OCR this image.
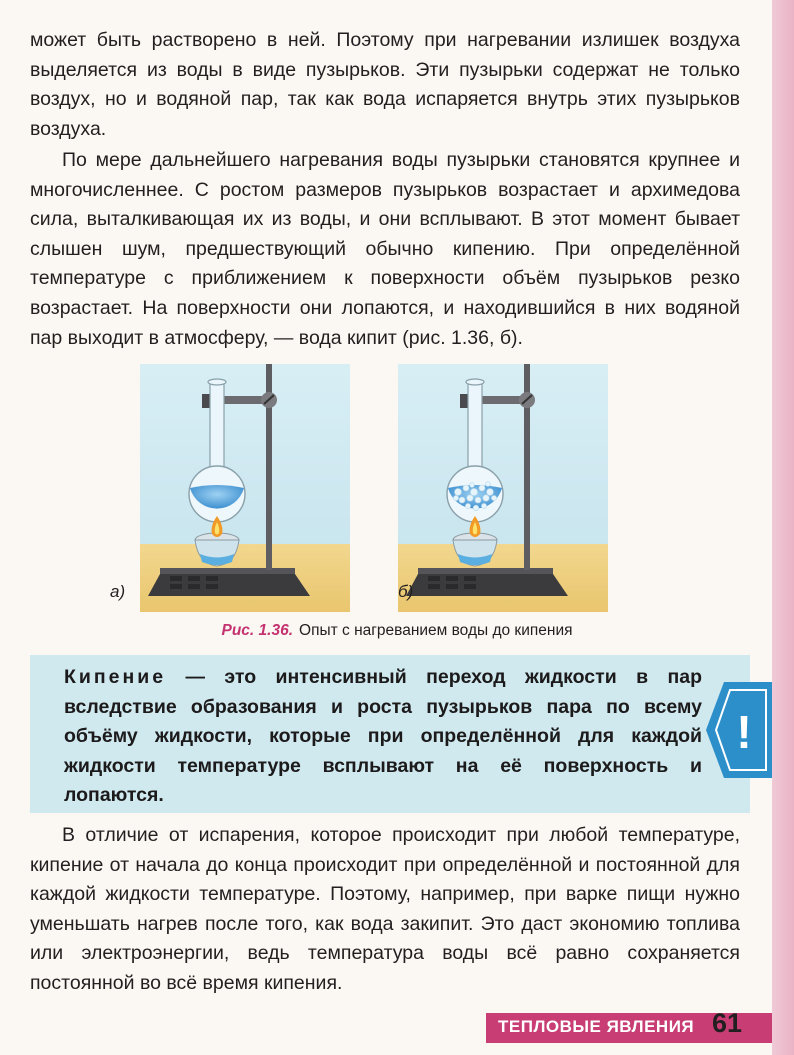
может быть растворено в ней. Поэтому при нагревании излишек воздуха выделяется из воды в виде пузырьков. Эти пузырьки содержат не только воздух, но и водяной пар, так как вода испаряется внутрь этих пузырьков воздуха.
По мере дальнейшего нагревания воды пузырьки становятся крупнее и многочисленнее. С ростом размеров пузырьков возрастает и архимедова сила, выталкивающая их из воды, и они всплывают. В этот момент бывает слышен шум, предшествующий обычно кипению. При определённой температуре с приближением к поверхности объём пузырьков резко возрастает. На поверхности они лопаются, и находившийся в них водяной пар выходит в атмосферу, — вода кипит (рис. 1.36, б).
а)	б)
Рис. 1.36. Опыт с нагреванием воды до кипения
Кипение — это интенсивный переход жидкости в пар вследствие образования и роста пузырьков пара по всему объёму жидкости, которые при определённой для каждой жидкости температуре всплывают на её поверхность и лопаются.
!
В отличие от испарения, которое происходит при любой температуре, кипение от начала до конца происходит при определённой и постоянной для каждой жидкости температуре. Поэтому, например, при варке пищи нужно уменьшать нагрев после того, как вода закипит. Это даст экономию топлива или электроэнергии, ведь температура воды всё равно сохраняется постоянной во всё время кипения.
ТЕПЛОВЫЕ ЯВЛЕНИЯ 61
